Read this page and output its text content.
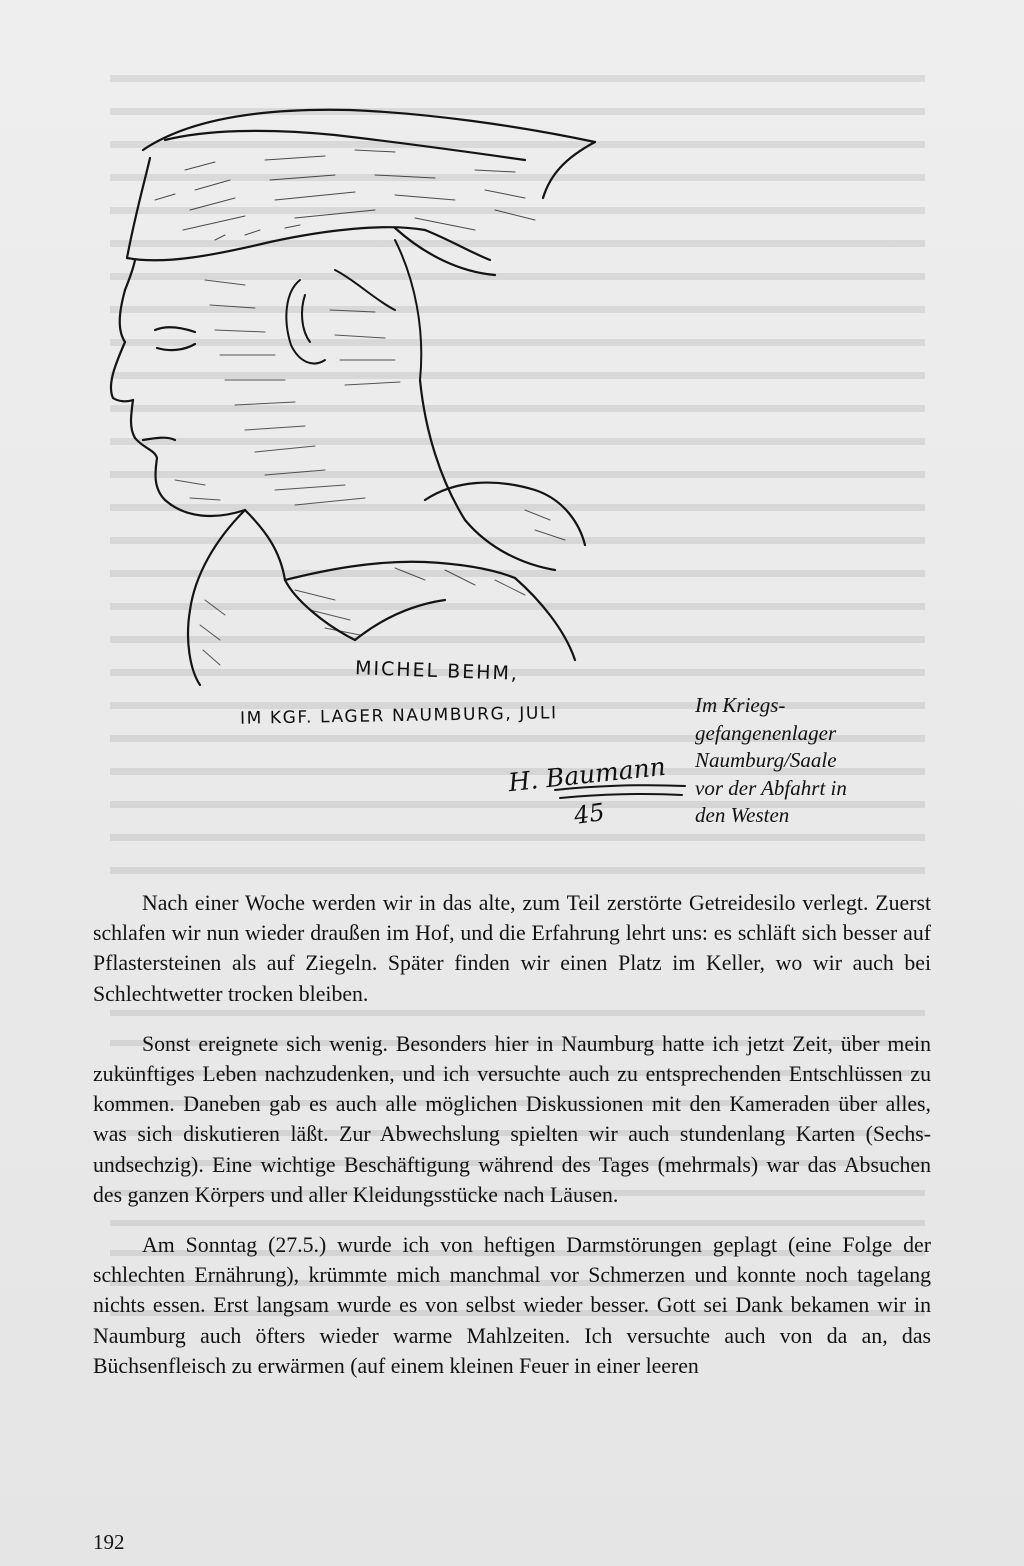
MICHEL BEHM,
IM KGF. LAGER NAUMBURG, JULI
H. Baumann
45
Im Kriegs-
gefangenenlager
Naumburg/Saale
vor der Abfahrt in
den Westen

Nach einer Woche werden wir in das alte, zum Teil zerstörte Getreidesilo verlegt. Zuerst schlafen wir nun wieder draußen im Hof, und die Erfahrung lehrt uns: es schläft sich besser auf Pflastersteinen als auf Ziegeln. Später finden wir einen Platz im Keller, wo wir auch bei Schlechtwetter trocken bleiben.

Sonst ereignete sich wenig. Besonders hier in Naumburg hatte ich jetzt Zeit, über mein zukünftiges Leben nachzudenken, und ich versuchte auch zu entsprechenden Entschlüssen zu kommen. Daneben gab es auch alle möglichen Diskussionen mit den Kameraden über alles, was sich diskutieren läßt. Zur Abwechslung spielten wir auch stundenlang Karten (Sechsundsechzig). Eine wichtige Beschäftigung während des Tages (mehrmals) war das Absuchen des ganzen Körpers und aller Kleidungsstücke nach Läusen.

Am Sonntag (27.5.) wurde ich von heftigen Darmstörungen geplagt (eine Folge der schlechten Ernährung), krümmte mich manchmal vor Schmerzen und konnte noch tagelang nichts essen. Erst langsam wurde es von selbst wieder besser. Gott sei Dank bekamen wir in Naumburg auch öfters wieder warme Mahlzeiten. Ich versuchte auch von da an, das Büchsenfleisch zu erwärmen (auf einem kleinen Feuer in einer leeren

192
